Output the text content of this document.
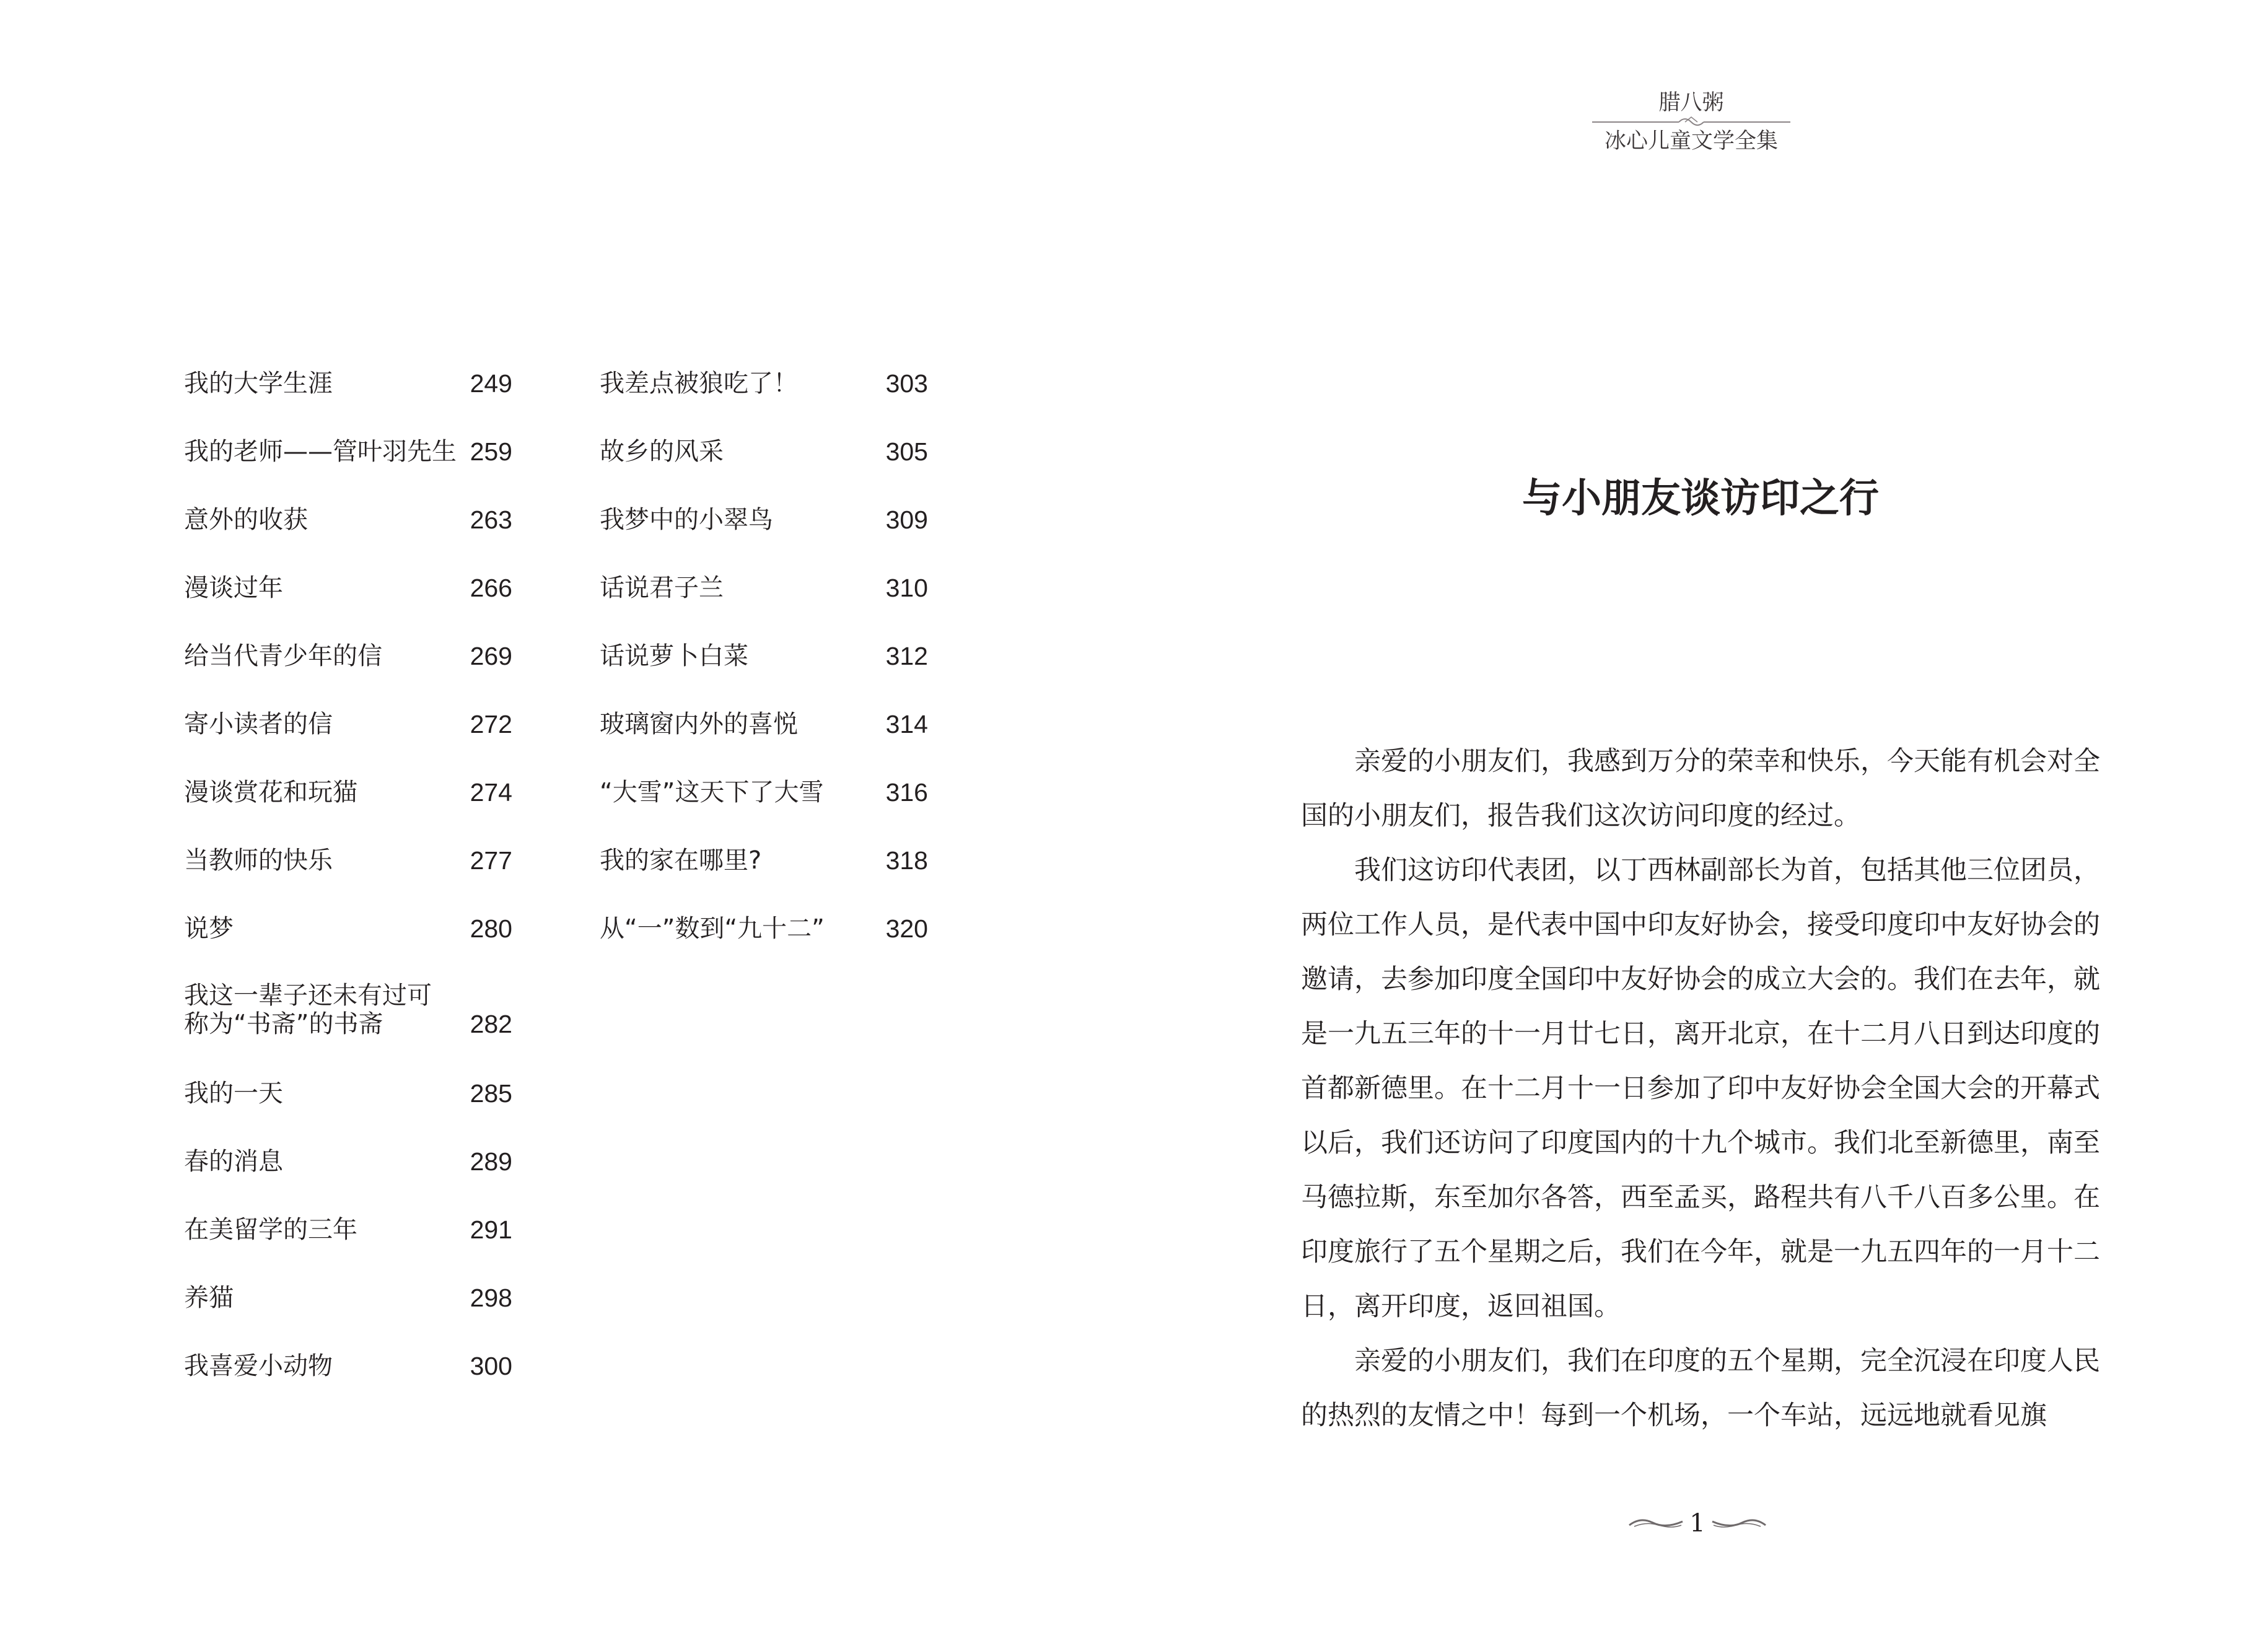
我的大学生涯	249
我的老师——管叶羽先生 259
意外的收获	263
漫谈过年	266
给当代青少年的信	269
寄小读者的信	272
漫谈赏花和玩猫	274
当教师的快乐	277
说梦	280
我这一辈子还未有过可
称为“书斋”的书斋	282
我的一天	285
春的消息	289
在美留学的三年	291
养猫	298
我喜爱小动物	300
我差点被狼吃了！	303
故乡的风采	305
我梦中的小翠鸟	309
话说君子兰	310
话说萝卜白菜	312
玻璃窗内外的喜悦	314
“大雪”这天下了大雪	316
我的家在哪里?	318
从“一”数到“九十二”	320
腊八粥
冰心儿童文学全集
与小朋友谈访印之行

亲爱的小朋友们，我感到万分的荣幸和快乐，今天能有机会对全国的小朋友们，报告我们这次访问印度的经过。

我们这访印代表团，以丁西林副部长为首，包括其他三位团员，两位工作人员，是代表中国中印友好协会，接受印度印中友好协会的邀请，去参加印度全国印中友好协会的成立大会的。我们在去年，就是一九五三年的十一月廿七日，离开北京，在十二月八日到达印度的首都新德里。在十二月十一日参加了印中友好协会全国大会的开幕式以后，我们还访问了印度国内的十九个城市。我们北至新德里，南至马德拉斯，东至加尔各答，西至孟买，路程共有八千八百多公里。在印度旅行了五个星期之后，我们在今年，就是一九五四年的一月十二日，离开印度，返回祖国。

亲爱的小朋友们，我们在印度的五个星期，完全沉浸在印度人民的热烈的友情之中！每到一个机场，一个车站，远远地就看见旗

1
